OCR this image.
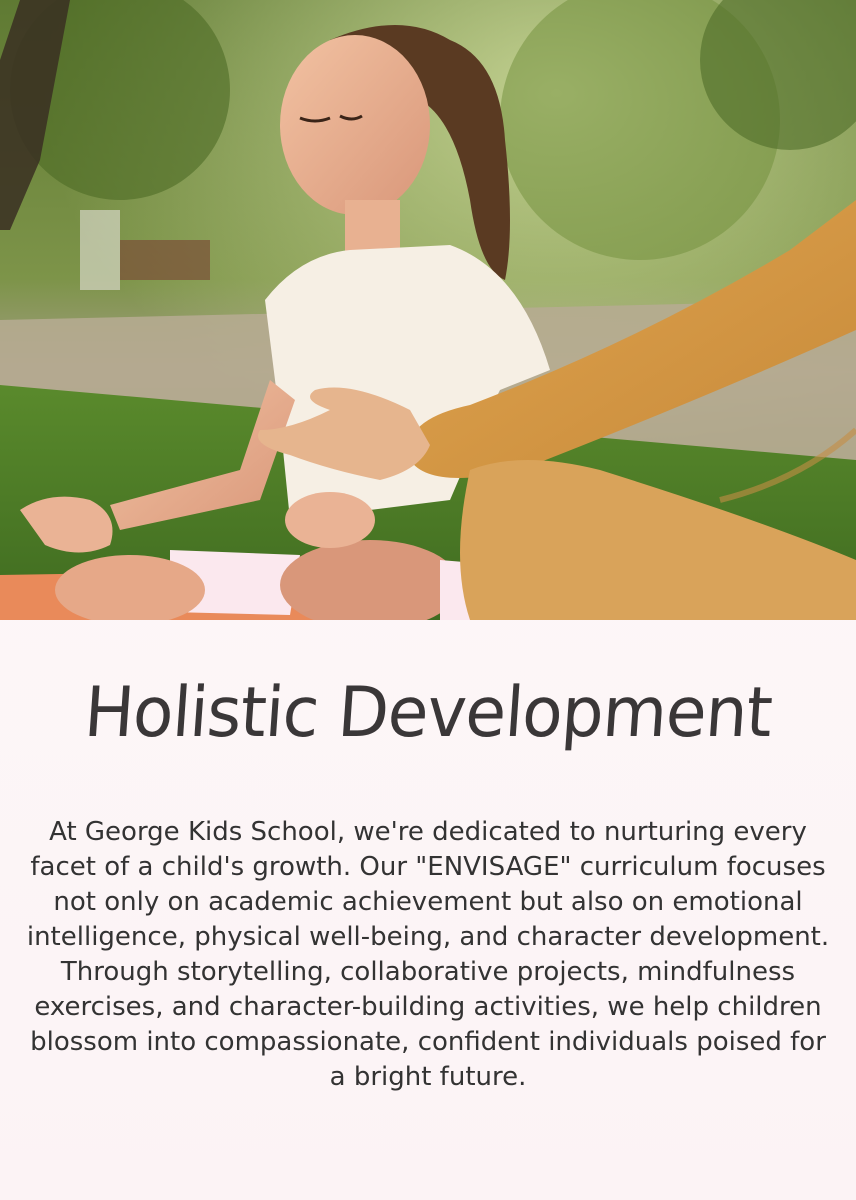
Holistic Development

At George Kids School, we're dedicated to nurturing every facet of a child's growth. Our "ENVISAGE" curriculum focuses not only on academic achievement but also on emotional intelligence, physical well-being, and character development. Through storytelling, collaborative projects, mindfulness exercises, and character-building activities, we help children blossom into compassionate, confident individuals poised for a bright future.
